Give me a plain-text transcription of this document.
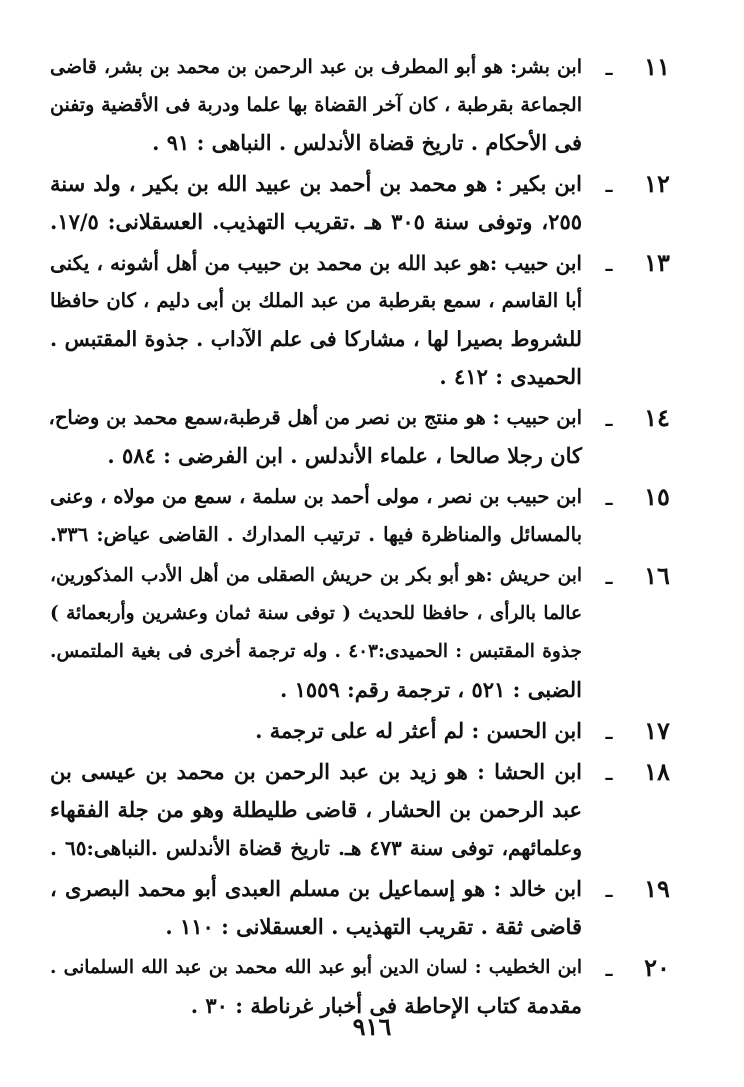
١١
ـ
ابن بشر: هو أبو المطرف بن عبد الرحمن بن محمد بن بشر، قاضى
الجماعة بقرطبة ، كان آخر القضاة بها علما ودربة فى الأقضية وتفنن
فى الأحكام . تاريخ قضاة الأندلس . النباهى : ٩١ .
١٢
ـ
ابن بكير : هو محمد بن أحمد بن عبيد الله بن بكير ، ولد سنة
٢٥٥، وتوفى سنة ٣٠٥ هـ .تقريب التهذيب. العسقلانى: ١٧/٥.
١٣
ـ
ابن حبيب :هو عبد الله بن محمد بن حبيب من أهل أشونه ، يكنى
أبا القاسم ، سمع بقرطبة من عبد الملك بن أبى دليم ، كان حافظا
للشروط بصيرا لها ، مشاركا فى علم الآداب . جذوة المقتبس .
الحميدى : ٤١٢ .
١٤
ـ
ابن حبيب : هو منتج بن نصر من أهل قرطبة،سمع محمد بن وضاح،
كان رجلا صالحا ، علماء الأندلس . ابن الفرضى : ٥٨٤ .
١٥
ـ
ابن حبيب بن نصر ، مولى أحمد بن سلمة ، سمع من مولاه ، وعنى
بالمسائل والمناظرة فيها . ترتيب المدارك . القاضى عياض: ٣٣٦.
١٦
ـ
ابن حريش :هو أبو بكر بن حريش الصقلى من أهل الأدب المذكورين،
عالما بالرأى ، حافظا للحديث ( توفى سنة ثمان وعشرين وأربعمائة )
جذوة المقتبس : الحميدى:٤٠٣ . وله ترجمة أخرى فى بغية الملتمس.
الضبى : ٥٢١ ، ترجمة رقم: ١٥٥٩ .
١٧
ـ
ابن الحسن : لم أعثر له على ترجمة .
١٨
ـ
ابن الحشا : هو زيد بن عبد الرحمن بن محمد بن عيسى بن
عبد الرحمن بن الحشار ، قاضى طليطلة وهو من جلة الفقهاء
وعلمائهم، توفى سنة ٤٧٣ هـ. تاريخ قضاة الأندلس .النباهى:٦٥ .
١٩
ـ
ابن خالد : هو إسماعيل بن مسلم العبدى أبو محمد البصرى ،
قاضى ثقة . تقريب التهذيب . العسقلانى : ١١٠ .
٢٠
ـ
ابن الخطيب : لسان الدين أبو عبد الله محمد بن عبد الله السلمانى .
مقدمة كتاب الإحاطة فى أخبار غرناطة : ٣٠ .
٩١٦
